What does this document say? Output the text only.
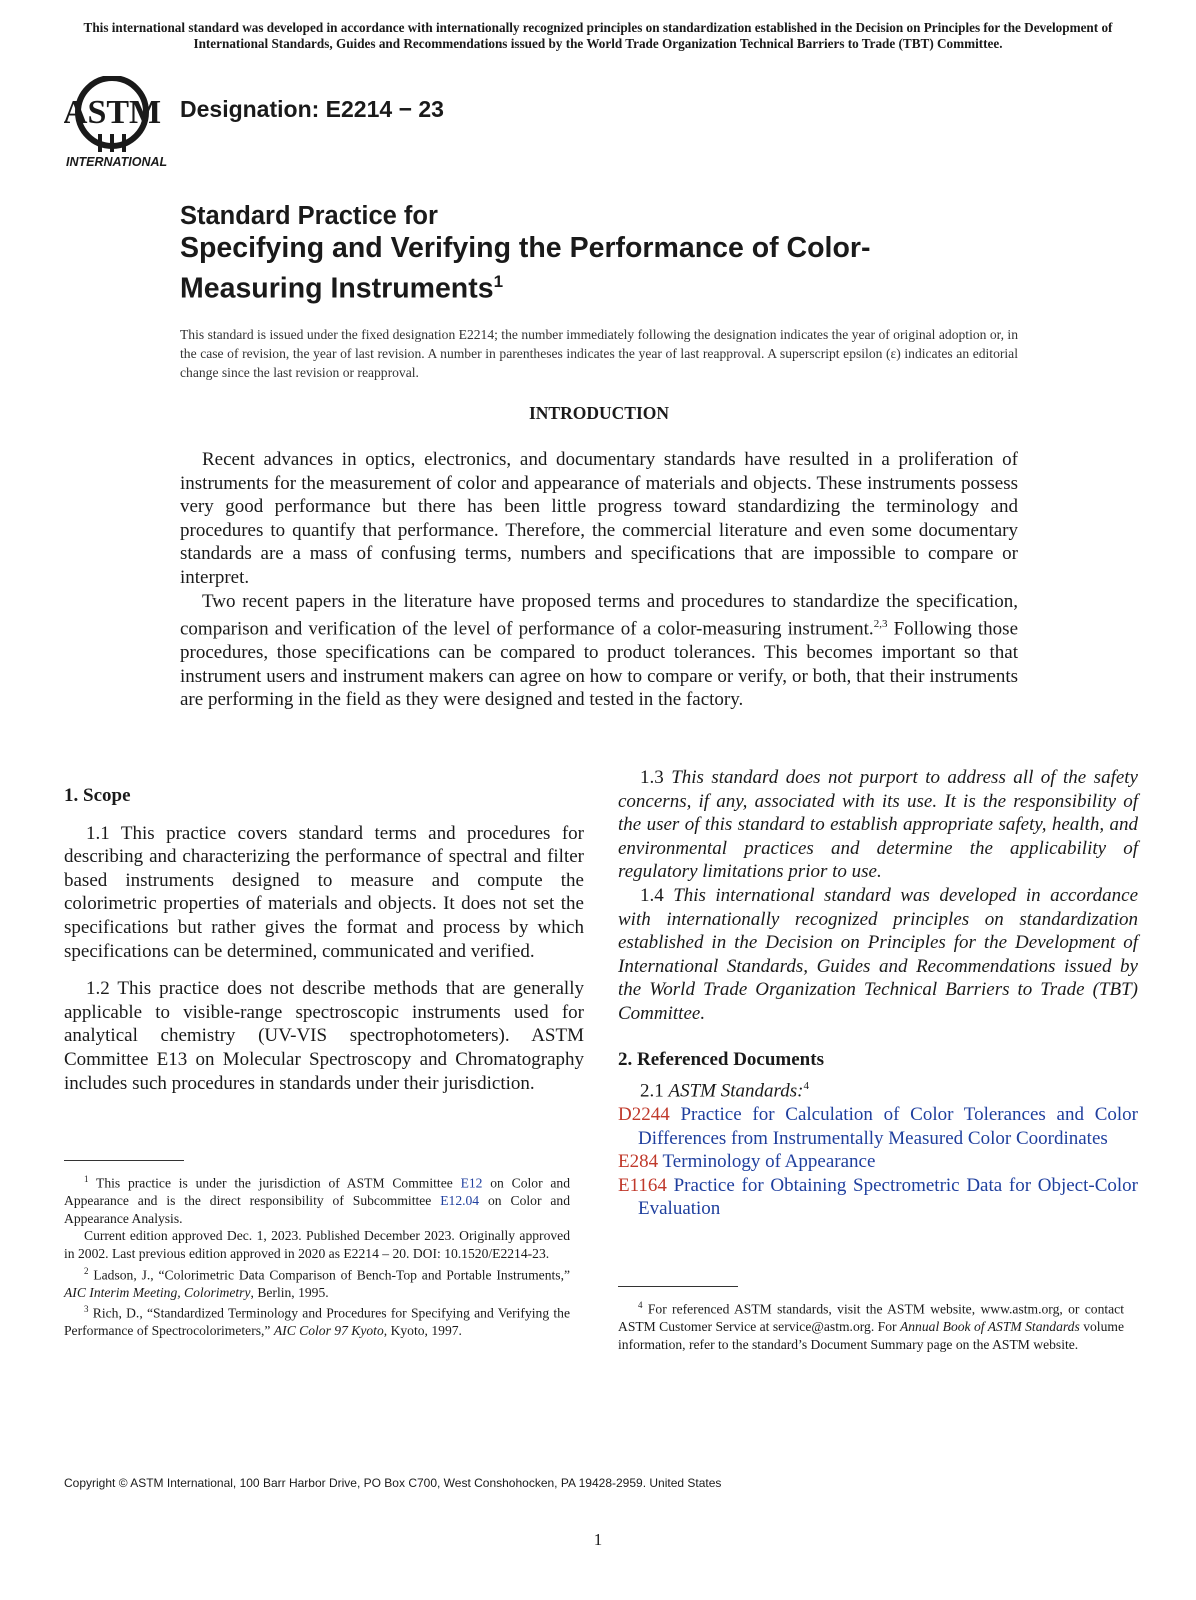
This international standard was developed in accordance with internationally recognized principles on standardization established in the Decision on Principles for the Development of International Standards, Guides and Recommendations issued by the World Trade Organization Technical Barriers to Trade (TBT) Committee.
ASTM
INTERNATIONAL
Designation: E2214 − 23
Standard Practice for
Specifying and Verifying the Performance of Color-Measuring Instruments$^1$
This standard is issued under the fixed designation E2214; the number immediately following the designation indicates the year of original adoption or, in the case of revision, the year of last revision. A number in parentheses indicates the year of last reapproval. A superscript epsilon (ε) indicates an editorial change since the last revision or reapproval.
INTRODUCTION

Recent advances in optics, electronics, and documentary standards have resulted in a proliferation of instruments for the measurement of color and appearance of materials and objects. These instruments possess very good performance but there has been little progress toward standardizing the terminology and procedures to quantify that performance. Therefore, the commercial literature and even some documentary standards are a mass of confusing terms, numbers and specifications that are impossible to compare or interpret.

Two recent papers in the literature have proposed terms and procedures to standardize the specification, comparison and verification of the level of performance of a color-measuring instrument.$^{2,3}$ Following those procedures, those specifications can be compared to product tolerances. This becomes important so that instrument users and instrument makers can agree on how to compare or verify, or both, that their instruments are performing in the field as they were designed and tested in the factory.

1. Scope

1.1 This practice covers standard terms and procedures for describing and characterizing the performance of spectral and filter based instruments designed to measure and compute the colorimetric properties of materials and objects. It does not set the specifications but rather gives the format and process by which specifications can be determined, communicated and verified.

1.2 This practice does not describe methods that are generally applicable to visible-range spectroscopic instruments used for analytical chemistry (UV-VIS spectrophotometers). ASTM Committee E13 on Molecular Spectroscopy and Chromatography includes such procedures in standards under their jurisdiction.

$^1$ This practice is under the jurisdiction of ASTM Committee E12 on Color and Appearance and is the direct responsibility of Subcommittee E12.04 on Color and Appearance Analysis.

Current edition approved Dec. 1, 2023. Published December 2023. Originally approved in 2002. Last previous edition approved in 2020 as E2214 – 20. DOI: 10.1520/E2214-23.

$^2$ Ladson, J., “Colorimetric Data Comparison of Bench-Top and Portable Instruments,” AIC Interim Meeting, Colorimetry, Berlin, 1995.

$^3$ Rich, D., “Standardized Terminology and Procedures for Specifying and Verifying the Performance of Spectrocolorimeters,” AIC Color 97 Kyoto, Kyoto, 1997.

1.3 This standard does not purport to address all of the safety concerns, if any, associated with its use. It is the responsibility of the user of this standard to establish appropriate safety, health, and environmental practices and determine the applicability of regulatory limitations prior to use.

1.4 This international standard was developed in accordance with internationally recognized principles on standardization established in the Decision on Principles for the Development of International Standards, Guides and Recommendations issued by the World Trade Organization Technical Barriers to Trade (TBT) Committee.

2. Referenced Documents

2.1 ASTM Standards:$^4$

D2244 Practice for Calculation of Color Tolerances and Color Differences from Instrumentally Measured Color Coordinates
E284 Terminology of Appearance
E1164 Practice for Obtaining Spectrometric Data for Object-Color Evaluation

$^4$ For referenced ASTM standards, visit the ASTM website, www.astm.org, or contact ASTM Customer Service at service@astm.org. For Annual Book of ASTM Standards volume information, refer to the standard’s Document Summary page on the ASTM website.

Copyright © ASTM International, 100 Barr Harbor Drive, PO Box C700, West Conshohocken, PA 19428-2959. United States
1
